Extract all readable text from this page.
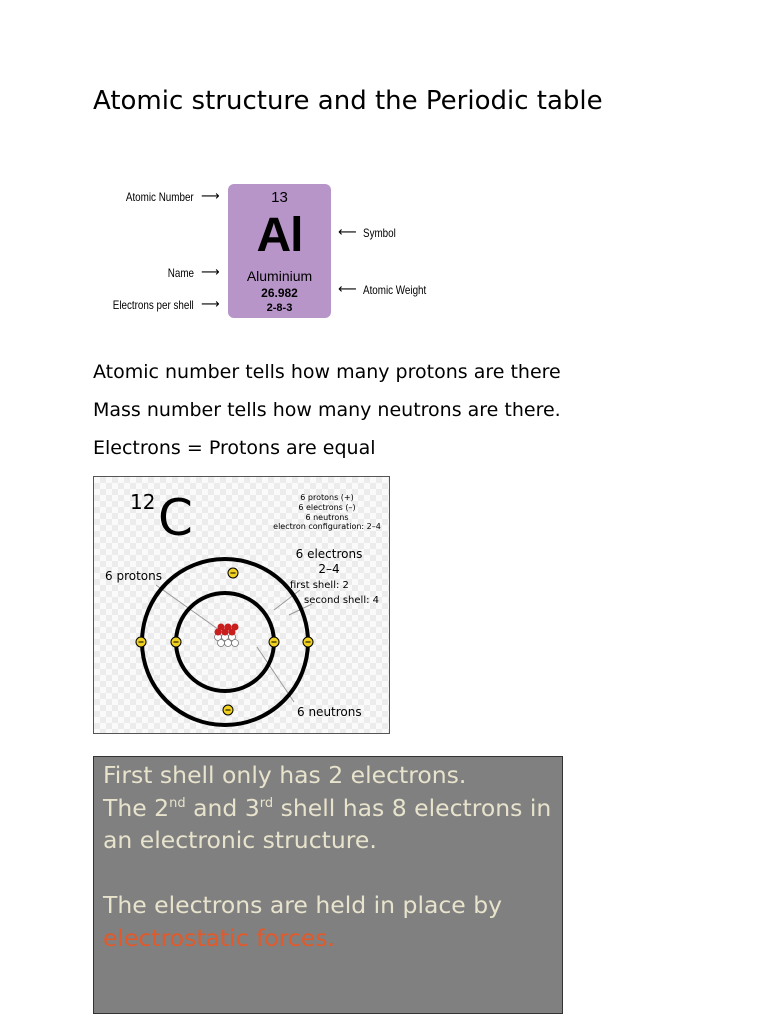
Atomic structure and the Periodic table
Atomic Number ⟶
Name ⟶
Electrons per shell ⟶
13
Al
Aluminium
26.982
2-8-3
⟵ Symbol
⟵ Atomic Weight

Atomic number tells how many protons are there

Mass number tells how many neutrons are there.

Electrons = Protons are equal

12 C	6 protons (+)
6 electrons (–)
6 neutrons
electron configuration: 2–4
6 electrons
2–4
first shell: 2
second shell: 4
6 protons
6 neutrons
First shell only has 2 electrons.
The 2nd and 3rd shell has 8 electrons in an electronic structure.

The electrons are held in place by
electrostatic forces.
